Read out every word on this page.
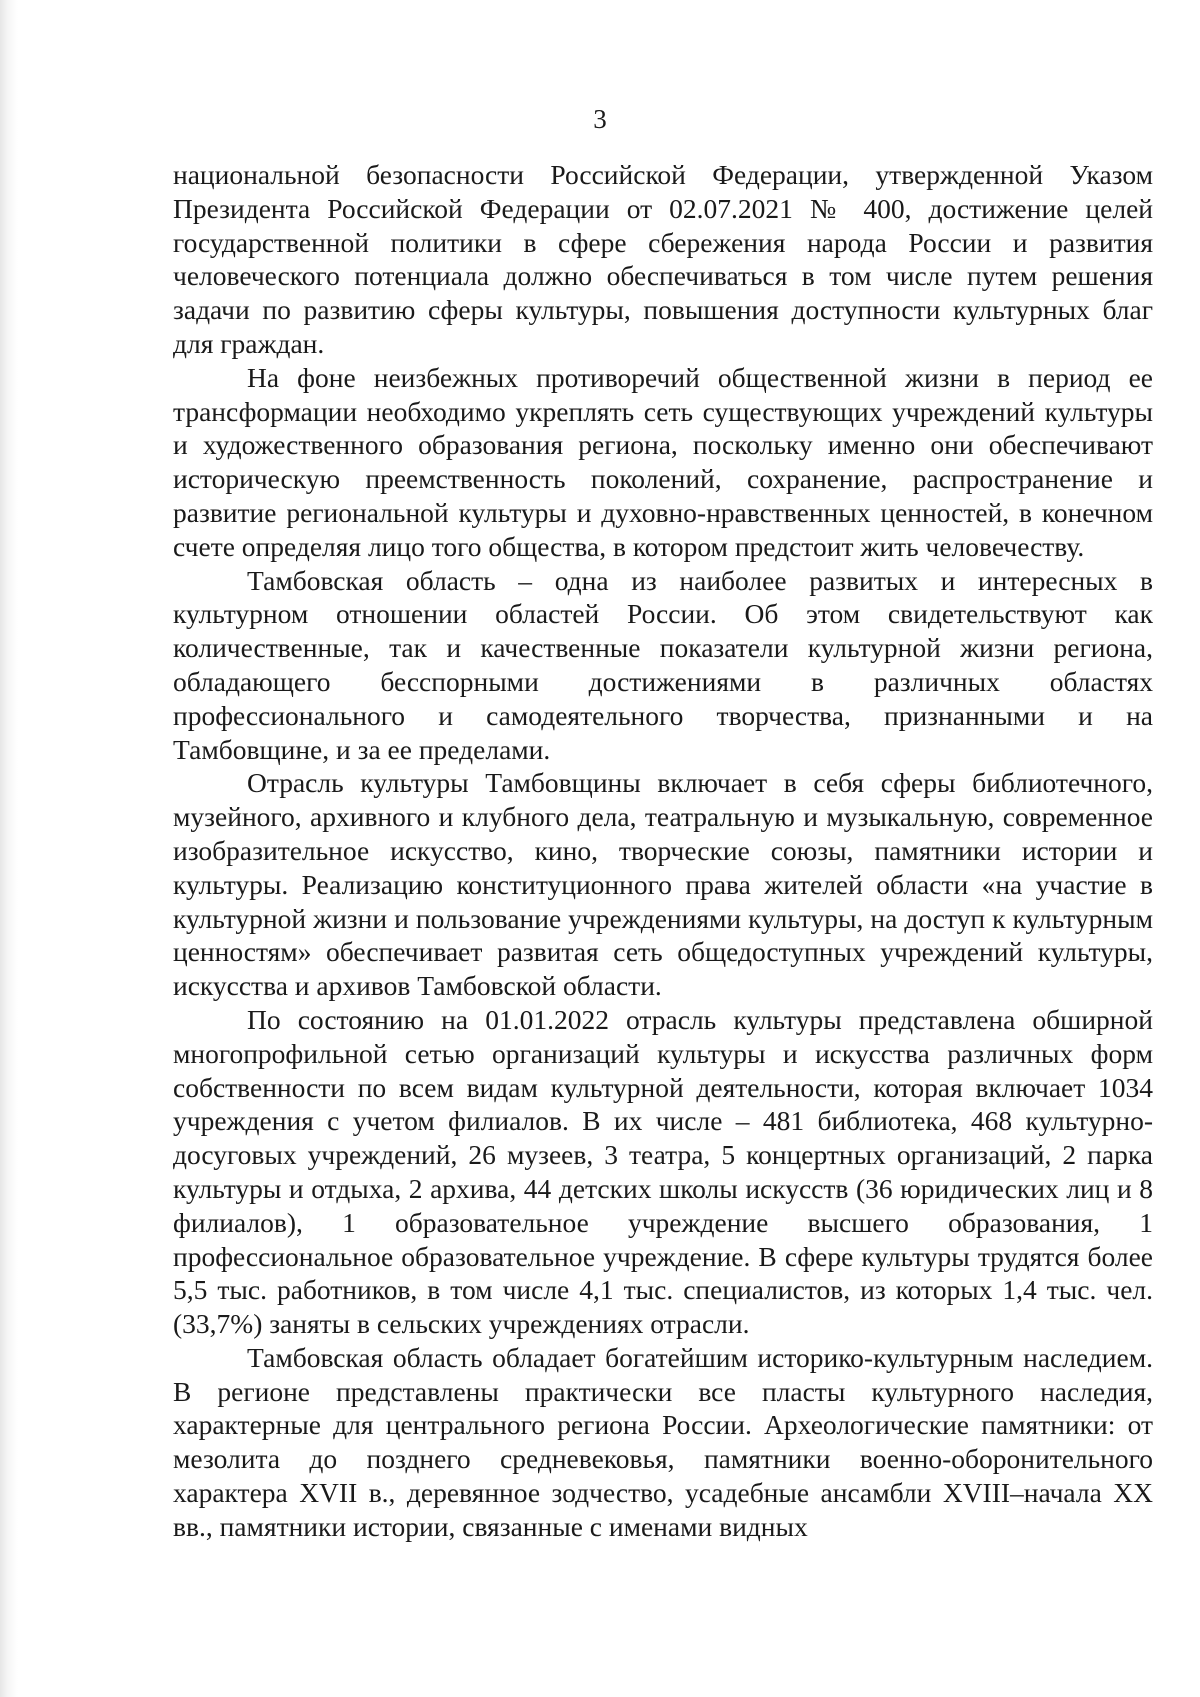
3

национальной безопасности Российской Федерации, утвержденной Указом Президента Российской Федерации от 02.07.2021 № 400, достижение целей государственной политики в сфере сбережения народа России и развития человеческого потенциала должно обеспечиваться в том числе путем решения задачи по развитию сферы культуры, повышения доступности культурных благ для граждан.

На фоне неизбежных противоречий общественной жизни в период ее трансформации необходимо укреплять сеть существующих учреждений культуры и художественного образования региона, поскольку именно они обеспечивают историческую преемственность поколений, сохранение, распространение и развитие региональной культуры и духовно-нравственных ценностей, в конечном счете определяя лицо того общества, в котором предстоит жить человечеству.

Тамбовская область – одна из наиболее развитых и интересных в культурном отношении областей России. Об этом свидетельствуют как количественные, так и качественные показатели культурной жизни региона, обладающего бесспорными достижениями в различных областях профессионального и самодеятельного творчества, признанными и на Тамбовщине, и за ее пределами.

Отрасль культуры Тамбовщины включает в себя сферы библиотечного, музейного, архивного и клубного дела, театральную и музыкальную, современное изобразительное искусство, кино, творческие союзы, памятники истории и культуры. Реализацию конституционного права жителей области «на участие в культурной жизни и пользование учреждениями культуры, на доступ к культурным ценностям» обеспечивает развитая сеть общедоступных учреждений культуры, искусства и архивов Тамбовской области.

По состоянию на 01.01.2022 отрасль культуры представлена обширной многопрофильной сетью организаций культуры и искусства различных форм собственности по всем видам культурной деятельности, которая включает 1034 учреждения с учетом филиалов. В их числе – 481 библиотека, 468 культурно-досуговых учреждений, 26 музеев, 3 театра, 5 концертных организаций, 2 парка культуры и отдыха, 2 архива, 44 детских школы искусств (36 юридических лиц и 8 филиалов), 1 образовательное учреждение высшего образования, 1 профессиональное образовательное учреждение. В сфере культуры трудятся более 5,5 тыс. работников, в том числе 4,1 тыс. специалистов, из которых 1,4 тыс. чел. (33,7%) заняты в сельских учреждениях отрасли.

Тамбовская область обладает богатейшим историко-культурным наследием. В регионе представлены практически все пласты культурного наследия, характерные для центрального региона России. Археологические памятники: от мезолита до позднего средневековья, памятники военно-оборонительного характера XVII в., деревянное зодчество, усадебные ансамбли XVIII–начала XX вв., памятники истории, связанные с именами видных
